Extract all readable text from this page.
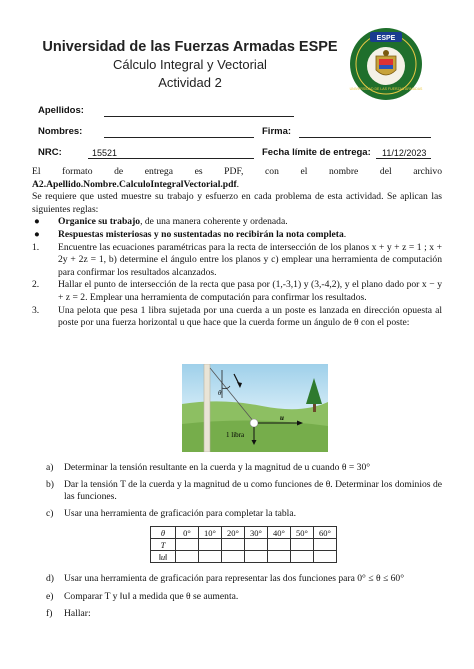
Universidad de las Fuerzas Armadas ESPE
Cálculo Integral y Vectorial
Actividad 2
ESPE
UNIVERSIDAD DE LAS FUERZAS ARMADAS
Apellidos:
Nombres:	Firma:
NRC:	15521	Fecha límite de entrega: 11/12/2023

El formato de entrega es PDF, con el nombre del archivo

A2.Apellido.Nombre.CalculoIntegralVectorial.pdf.

Se requiere que usted muestre su trabajo y esfuerzo en cada problema de esta actividad. Se aplican las siguientes reglas:

●	Organice su trabajo, de una manera coherente y ordenada.
●	Respuestas misteriosas y no sustentadas no recibirán la nota completa.
1.	Encuentre las ecuaciones paramétricas para la recta de intersección de los planos x + y + z = 1 ; x + 2y + 2z = 1, b) determine el ángulo entre los planos y c) emplear una herramienta de computación para confirmar los resultados alcanzados.
2.	Hallar el punto de intersección de la recta que pasa por (1,-3,1) y (3,-4,2), y el plano dado por x − y + z = 2. Emplear una herramienta de computación para confirmar los resultados.
3.	Una pelota que pesa 1 libra sujetada por una cuerda a un poste es lanzada en dirección opuesta al poste por una fuerza horizontal u que hace que la cuerda forme un ángulo de θ con el poste:
θ
u
1 libra
a)	Determinar la tensión resultante en la cuerda y la magnitud de u cuando θ = 30°
b)	Dar la tensión T de la cuerda y la magnitud de u como funciones de θ. Determinar los dominios de las funciones.
c)	Usar una herramienta de graficación para completar la tabla.
θ	0°	10°	20°	30°	40°	50°	60°
T							
‖u‖							
d)	Usar una herramienta de graficación para representar las dos funciones para 0° ≤ θ ≤ 60°
e)	Comparar T y ‖u‖ a medida que θ se aumenta.
f)	Hallar:
